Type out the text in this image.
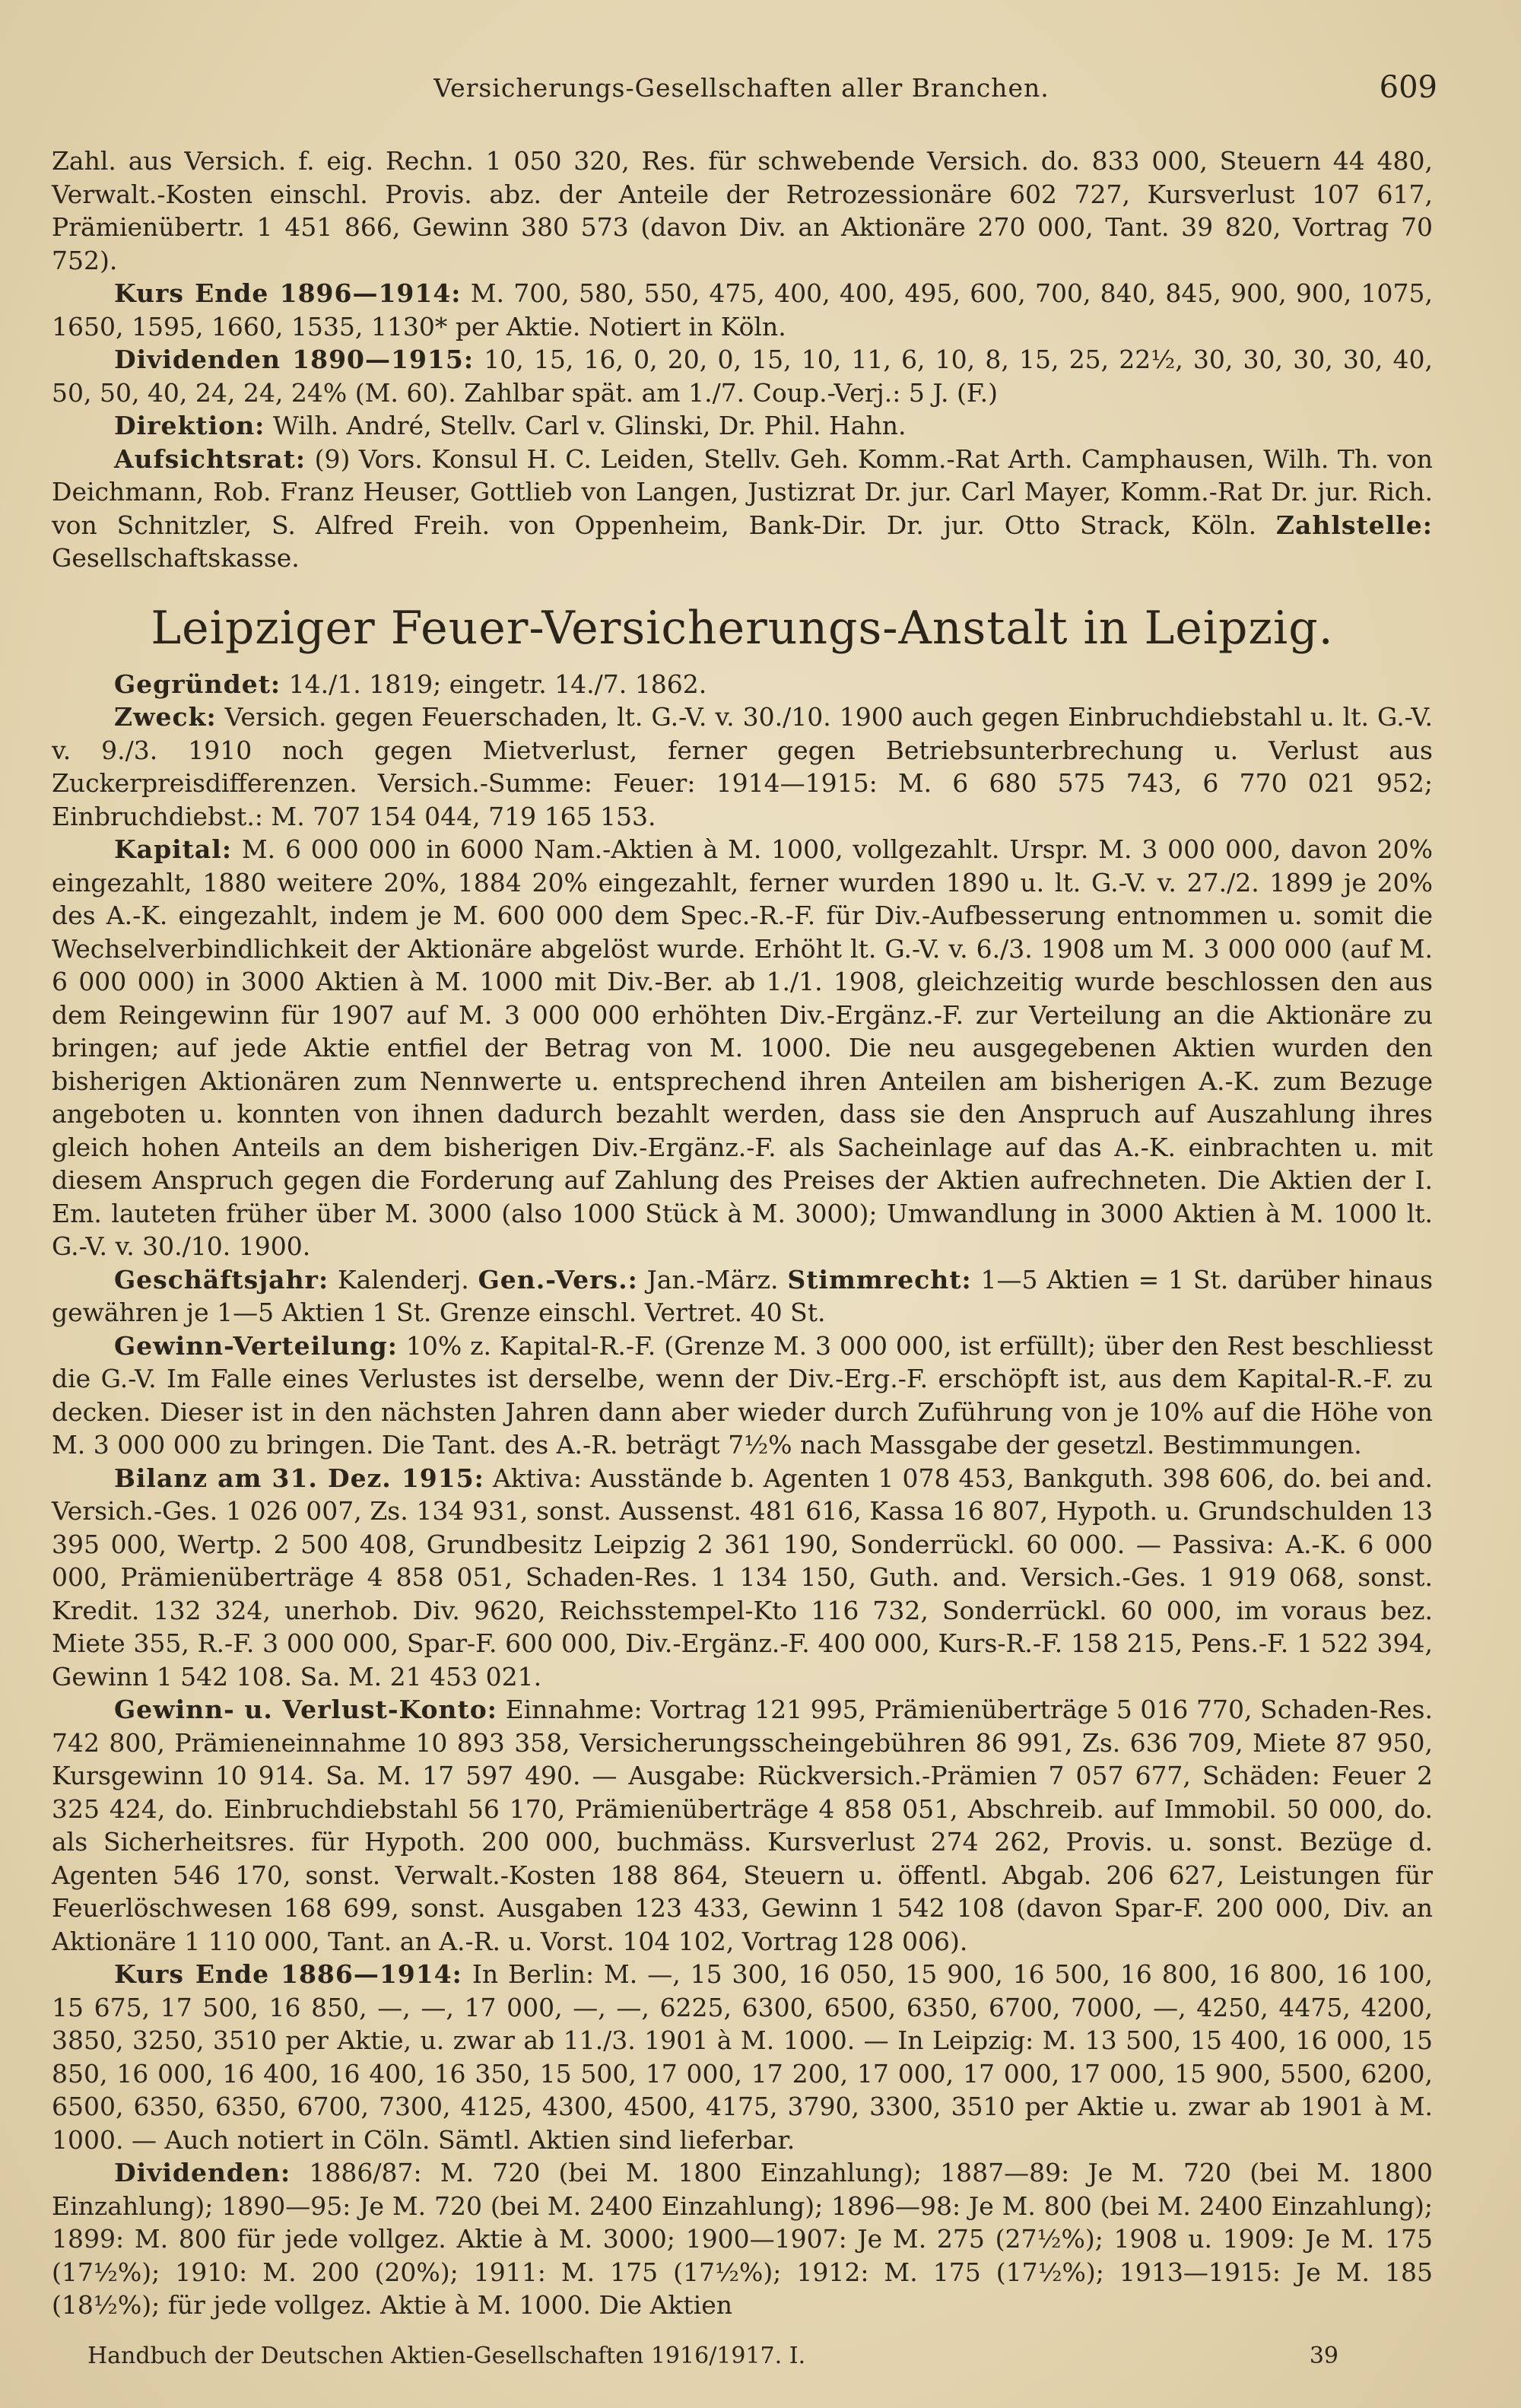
Versicherungs-Gesellschaften aller Branchen.	609

Zahl. aus Versich. f. eig. Rechn. 1 050 320, Res. für schwebende Versich. do. 833 000, Steuern 44 480, Verwalt.-Kosten einschl. Provis. abz. der Anteile der Retrozessionäre 602 727, Kursverlust 107 617, Prämienübertr. 1 451 866, Gewinn 380 573 (davon Div. an Aktionäre 270 000, Tant. 39 820, Vortrag 70 752).

Kurs Ende 1896—1914: M. 700, 580, 550, 475, 400, 400, 495, 600, 700, 840, 845, 900, 900, 1075, 1650, 1595, 1660, 1535, 1130* per Aktie. Notiert in Köln.

Dividenden 1890—1915: 10, 15, 16, 0, 20, 0, 15, 10, 11, 6, 10, 8, 15, 25, 22½, 30, 30, 30, 30, 40, 50, 50, 40, 24, 24, 24% (M. 60). Zahlbar spät. am 1./7. Coup.-Verj.: 5 J. (F.)

Direktion: Wilh. André, Stellv. Carl v. Glinski, Dr. Phil. Hahn.

Aufsichtsrat: (9) Vors. Konsul H. C. Leiden, Stellv. Geh. Komm.-Rat Arth. Camphausen, Wilh. Th. von Deichmann, Rob. Franz Heuser, Gottlieb von Langen, Justizrat Dr. jur. Carl Mayer, Komm.-Rat Dr. jur. Rich. von Schnitzler, S. Alfred Freih. von Oppenheim, Bank-Dir. Dr. jur. Otto Strack, Köln. Zahlstelle: Gesellschaftskasse.

Leipziger Feuer-Versicherungs-Anstalt in Leipzig.

Gegründet: 14./1. 1819; eingetr. 14./7. 1862.

Zweck: Versich. gegen Feuerschaden, lt. G.-V. v. 30./10. 1900 auch gegen Einbruchdiebstahl u. lt. G.-V. v. 9./3. 1910 noch gegen Mietverlust, ferner gegen Betriebsunterbrechung u. Verlust aus Zuckerpreisdifferenzen. Versich.-Summe: Feuer: 1914—1915: M. 6 680 575 743, 6 770 021 952; Einbruchdiebst.: M. 707 154 044, 719 165 153.

Kapital: M. 6 000 000 in 6000 Nam.-Aktien à M. 1000, vollgezahlt. Urspr. M. 3 000 000, davon 20% eingezahlt, 1880 weitere 20%, 1884 20% eingezahlt, ferner wurden 1890 u. lt. G.-V. v. 27./2. 1899 je 20% des A.-K. eingezahlt, indem je M. 600 000 dem Spec.-R.-F. für Div.-Aufbesserung entnommen u. somit die Wechselverbindlichkeit der Aktionäre abgelöst wurde. Erhöht lt. G.-V. v. 6./3. 1908 um M. 3 000 000 (auf M. 6 000 000) in 3000 Aktien à M. 1000 mit Div.-Ber. ab 1./1. 1908, gleichzeitig wurde beschlossen den aus dem Reingewinn für 1907 auf M. 3 000 000 erhöhten Div.-Ergänz.-F. zur Verteilung an die Aktionäre zu bringen; auf jede Aktie entfiel der Betrag von M. 1000. Die neu ausgegebenen Aktien wurden den bisherigen Aktionären zum Nennwerte u. entsprechend ihren Anteilen am bisherigen A.-K. zum Bezuge angeboten u. konnten von ihnen dadurch bezahlt werden, dass sie den Anspruch auf Auszahlung ihres gleich hohen Anteils an dem bisherigen Div.-Ergänz.-F. als Sacheinlage auf das A.-K. einbrachten u. mit diesem Anspruch gegen die Forderung auf Zahlung des Preises der Aktien aufrechneten. Die Aktien der I. Em. lauteten früher über M. 3000 (also 1000 Stück à M. 3000); Umwandlung in 3000 Aktien à M. 1000 lt. G.-V. v. 30./10. 1900.

Geschäftsjahr: Kalenderj. Gen.-Vers.: Jan.-März. Stimmrecht: 1—5 Aktien = 1 St. darüber hinaus gewähren je 1—5 Aktien 1 St. Grenze einschl. Vertret. 40 St.

Gewinn-Verteilung: 10% z. Kapital-R.-F. (Grenze M. 3 000 000, ist erfüllt); über den Rest beschliesst die G.-V. Im Falle eines Verlustes ist derselbe, wenn der Div.-Erg.-F. erschöpft ist, aus dem Kapital-R.-F. zu decken. Dieser ist in den nächsten Jahren dann aber wieder durch Zuführung von je 10% auf die Höhe von M. 3 000 000 zu bringen. Die Tant. des A.-R. beträgt 7½% nach Massgabe der gesetzl. Bestimmungen.

Bilanz am 31. Dez. 1915: Aktiva: Ausstände b. Agenten 1 078 453, Bankguth. 398 606, do. bei and. Versich.-Ges. 1 026 007, Zs. 134 931, sonst. Aussenst. 481 616, Kassa 16 807, Hypoth. u. Grundschulden 13 395 000, Wertp. 2 500 408, Grundbesitz Leipzig 2 361 190, Sonderrückl. 60 000. — Passiva: A.-K. 6 000 000, Prämienüberträge 4 858 051, Schaden-Res. 1 134 150, Guth. and. Versich.-Ges. 1 919 068, sonst. Kredit. 132 324, unerhob. Div. 9620, Reichsstempel-Kto 116 732, Sonderrückl. 60 000, im voraus bez. Miete 355, R.-F. 3 000 000, Spar-F. 600 000, Div.-Ergänz.-F. 400 000, Kurs-R.-F. 158 215, Pens.-F. 1 522 394, Gewinn 1 542 108. Sa. M. 21 453 021.

Gewinn- u. Verlust-Konto: Einnahme: Vortrag 121 995, Prämienüberträge 5 016 770, Schaden-Res. 742 800, Prämieneinnahme 10 893 358, Versicherungsscheingebühren 86 991, Zs. 636 709, Miete 87 950, Kursgewinn 10 914. Sa. M. 17 597 490. — Ausgabe: Rückversich.-Prämien 7 057 677, Schäden: Feuer 2 325 424, do. Einbruchdiebstahl 56 170, Prämienüberträge 4 858 051, Abschreib. auf Immobil. 50 000, do. als Sicherheitsres. für Hypoth. 200 000, buchmäss. Kursverlust 274 262, Provis. u. sonst. Bezüge d. Agenten 546 170, sonst. Verwalt.-Kosten 188 864, Steuern u. öffentl. Abgab. 206 627, Leistungen für Feuerlöschwesen 168 699, sonst. Ausgaben 123 433, Gewinn 1 542 108 (davon Spar-F. 200 000, Div. an Aktionäre 1 110 000, Tant. an A.-R. u. Vorst. 104 102, Vortrag 128 006).

Kurs Ende 1886—1914: In Berlin: M. —, 15 300, 16 050, 15 900, 16 500, 16 800, 16 800, 16 100, 15 675, 17 500, 16 850, —, —, 17 000, —, —, 6225, 6300, 6500, 6350, 6700, 7000, —, 4250, 4475, 4200, 3850, 3250, 3510 per Aktie, u. zwar ab 11./3. 1901 à M. 1000. — In Leipzig: M. 13 500, 15 400, 16 000, 15 850, 16 000, 16 400, 16 400, 16 350, 15 500, 17 000, 17 200, 17 000, 17 000, 17 000, 15 900, 5500, 6200, 6500, 6350, 6350, 6700, 7300, 4125, 4300, 4500, 4175, 3790, 3300, 3510 per Aktie u. zwar ab 1901 à M. 1000. — Auch notiert in Cöln. Sämtl. Aktien sind lieferbar.

Dividenden: 1886/87: M. 720 (bei M. 1800 Einzahlung); 1887—89: Je M. 720 (bei M. 1800 Einzahlung); 1890—95: Je M. 720 (bei M. 2400 Einzahlung); 1896—98: Je M. 800 (bei M. 2400 Einzahlung); 1899: M. 800 für jede vollgez. Aktie à M. 3000; 1900—1907: Je M. 275 (27½%); 1908 u. 1909: Je M. 175 (17½%); 1910: M. 200 (20%); 1911: M. 175 (17½%); 1912: M. 175 (17½%); 1913—1915: Je M. 185 (18½%); für jede vollgez. Aktie à M. 1000. Die Aktien

Handbuch der Deutschen Aktien-Gesellschaften 1916/1917. I.	39
